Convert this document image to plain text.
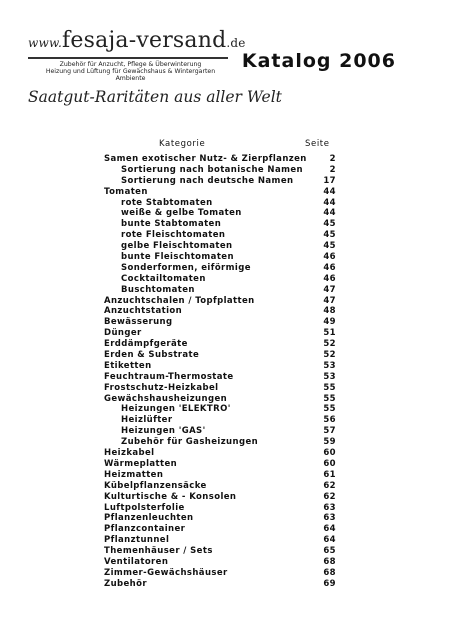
www.fesaja-versand.de
Zubehör für Anzucht, Pflege & Überwinterung
Heizung und Lüftung für Gewächshaus & Wintergarten
Ambiente
Saatgut-Raritäten aus aller Welt
Katalog 2006
Kategorie	Seite
Samen exotischer Nutz- & Zierpflanzen	2
Sortierung nach botanische Namen	2
Sortierung nach deutsche Namen	17
Tomaten	44
rote Stabtomaten	44
weiße & gelbe Tomaten	44
bunte Stabtomaten	45
rote Fleischtomaten	45
gelbe Fleischtomaten	45
bunte Fleischtomaten	46
Sonderformen, eiförmige	46
Cocktailtomaten	46
Buschtomaten	47
Anzuchtschalen / Topfplatten	47
Anzuchtstation	48
Bewässerung	49
Dünger	51
Erddämpfgeräte	52
Erden & Substrate	52
Etiketten	53
Feuchtraum-Thermostate	53
Frostschutz-Heizkabel	55
Gewächshausheizungen	55
Heizungen 'ELEKTRO'	55
Heizlüfter	56
Heizungen 'GAS'	57
Zubehör für Gasheizungen	59
Heizkabel	60
Wärmeplatten	60
Heizmatten	61
Kübelpflanzensäcke	62
Kulturtische & - Konsolen	62
Luftpolsterfolie	63
Pflanzenleuchten	63
Pflanzcontainer	64
Pflanztunnel	64
Themenhäuser / Sets	65
Ventilatoren	68
Zimmer-Gewächshäuser	68
Zubehör	69
